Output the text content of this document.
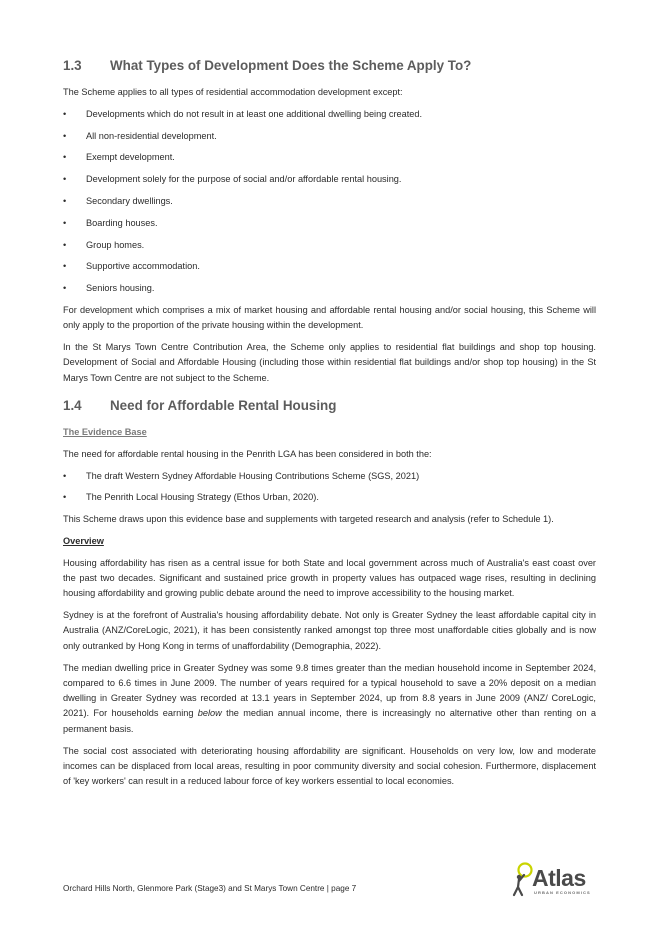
1.3	What Types of Development Does the Scheme Apply To?

The Scheme applies to all types of residential accommodation development except:

• Developments which do not result in at least one additional dwelling being created.
• All non-residential development.
• Exempt development.
• Development solely for the purpose of social and/or affordable rental housing.
• Secondary dwellings.
• Boarding houses.
• Group homes.
• Supportive accommodation.
• Seniors housing.

For development which comprises a mix of market housing and affordable rental housing and/or social housing, this Scheme will only apply to the proportion of the private housing within the development.

In the St Marys Town Centre Contribution Area, the Scheme only applies to residential flat buildings and shop top housing. Development of Social and Affordable Housing (including those within residential flat buildings and/or shop top housing) in the St Marys Town Centre are not subject to the Scheme.

1.4	Need for Affordable Rental Housing
The Evidence Base

The need for affordable rental housing in the Penrith LGA has been considered in both the:

• The draft Western Sydney Affordable Housing Contributions Scheme (SGS, 2021)
• The Penrith Local Housing Strategy (Ethos Urban, 2020).

This Scheme draws upon this evidence base and supplements with targeted research and analysis (refer to Schedule 1).

Overview

Housing affordability has risen as a central issue for both State and local government across much of Australia's east coast over the past two decades. Significant and sustained price growth in property values has outpaced wage rises, resulting in declining housing affordability and growing public debate around the need to improve accessibility to the housing market.

Sydney is at the forefront of Australia's housing affordability debate. Not only is Greater Sydney the least affordable capital city in Australia (ANZ/CoreLogic, 2021), it has been consistently ranked amongst top three most unaffordable cities globally and is now only outranked by Hong Kong in terms of unaffordability (Demographia, 2022).

The median dwelling price in Greater Sydney was some 9.8 times greater than the median household income in September 2024, compared to 6.6 times in June 2009. The number of years required for a typical household to save a 20% deposit on a median dwelling in Greater Sydney was recorded at 13.1 years in September 2024, up from 8.8 years in June 2009 (ANZ/ CoreLogic, 2021). For households earning below the median annual income, there is increasingly no alternative other than renting on a permanent basis.

The social cost associated with deteriorating housing affordability are significant. Households on very low, low and moderate incomes can be displaced from local areas, resulting in poor community diversity and social cohesion. Furthermore, displacement of 'key workers' can result in a reduced labour force of key workers essential to local economies.

Orchard Hills North, Glenmore Park (Stage3) and St Marys Town Centre | page 7	Atlas
URBAN ECONOMICS
